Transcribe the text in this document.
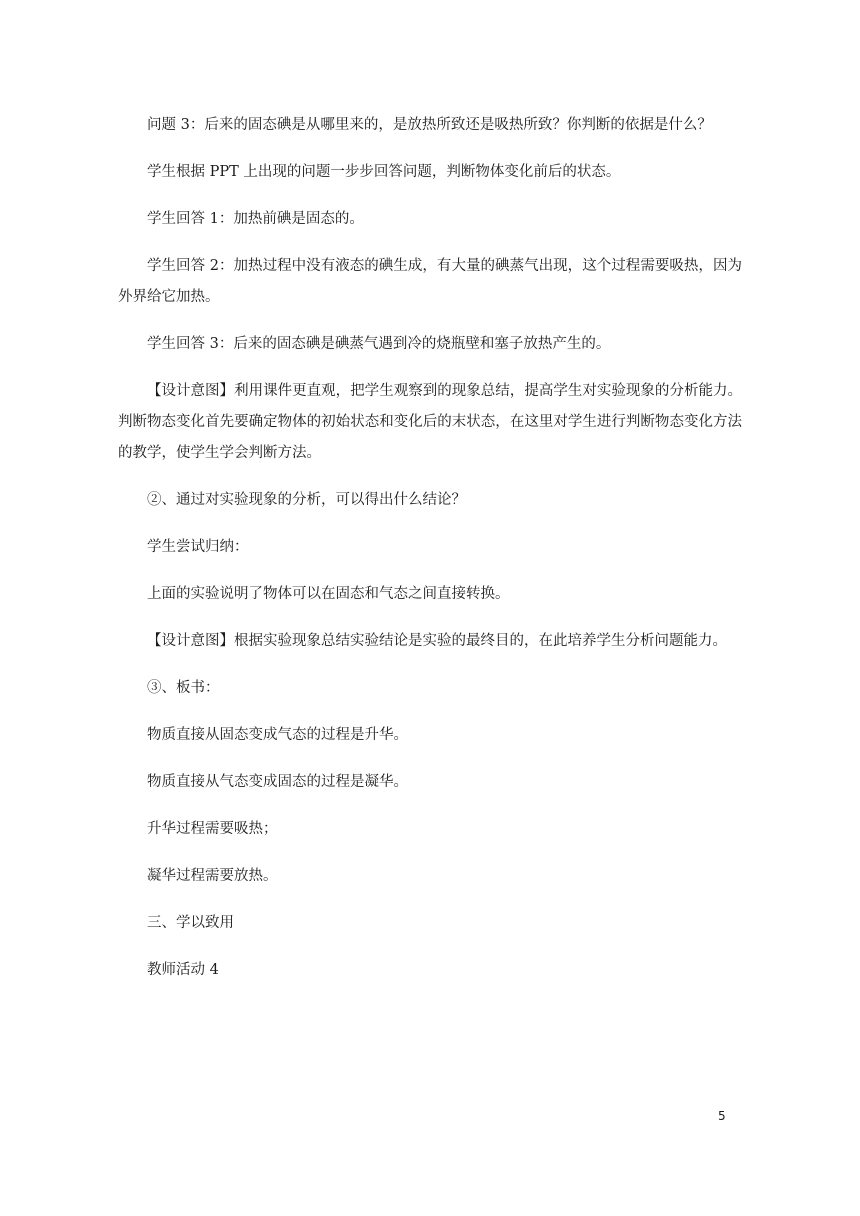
问题 3：后来的固态碘是从哪里来的，是放热所致还是吸热所致？你判断的依据是什么？

学生根据 PPT 上出现的问题一步步回答问题，判断物体变化前后的状态。

学生回答 1：加热前碘是固态的。

学生回答 2：加热过程中没有液态的碘生成，有大量的碘蒸气出现，这个过程需要吸热，因为外界给它加热。

学生回答 3：后来的固态碘是碘蒸气遇到冷的烧瓶壁和塞子放热产生的。

【设计意图】利用课件更直观，把学生观察到的现象总结，提高学生对实验现象的分析能力。判断物态变化首先要确定物体的初始状态和变化后的末状态，在这里对学生进行判断物态变化方法的教学，使学生学会判断方法。

②、通过对实验现象的分析，可以得出什么结论？

学生尝试归纳：

上面的实验说明了物体可以在固态和气态之间直接转换。

【设计意图】根据实验现象总结实验结论是实验的最终目的，在此培养学生分析问题能力。

③、板书：

物质直接从固态变成气态的过程是升华。

物质直接从气态变成固态的过程是凝华。

升华过程需要吸热；

凝华过程需要放热。

三、学以致用

教师活动 4

5
